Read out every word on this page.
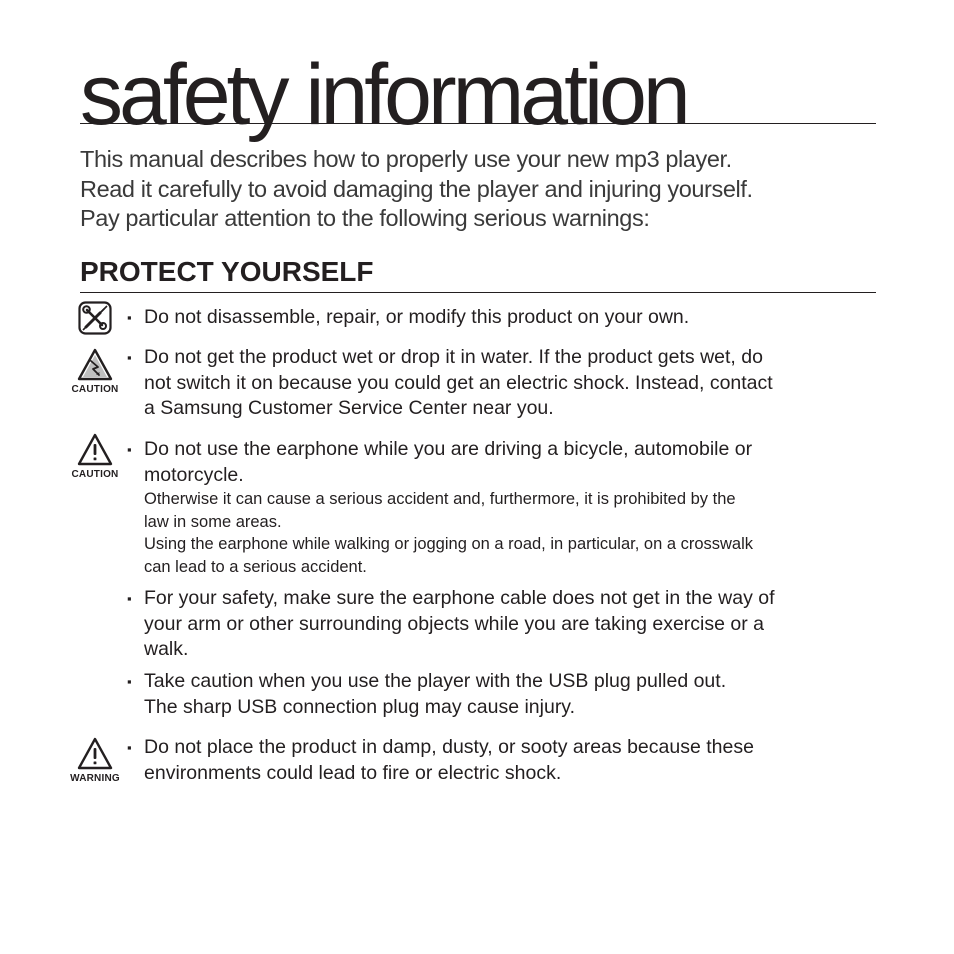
safety information
This manual describes how to properly use your new mp3 player.
Read it carefully to avoid damaging the player and injuring yourself.
Pay particular attention to the following serious warnings:
PROTECT YOURSELF
CAUTION
CAUTION
WARNING
▪ Do not disassemble, repair, or modify this product on your own.
▪ Do not get the product wet or drop it in water. If the product gets wet, do
not switch it on because you could get an electric shock. Instead, contact
a Samsung Customer Service Center near you.
▪ Do not use the earphone while you are driving a bicycle, automobile or
motorcycle.
Otherwise it can cause a serious accident and, furthermore, it is prohibited by the
law in some areas.
Using the earphone while walking or jogging on a road, in particular, on a crosswalk
can lead to a serious accident.
▪ For your safety, make sure the earphone cable does not get in the way of
your arm or other surrounding objects while you are taking exercise or a
walk.
▪ Take caution when you use the player with the USB plug pulled out.
The sharp USB connection plug may cause injury.
▪ Do not place the product in damp, dusty, or sooty areas because these
environments could lead to fire or electric shock.
